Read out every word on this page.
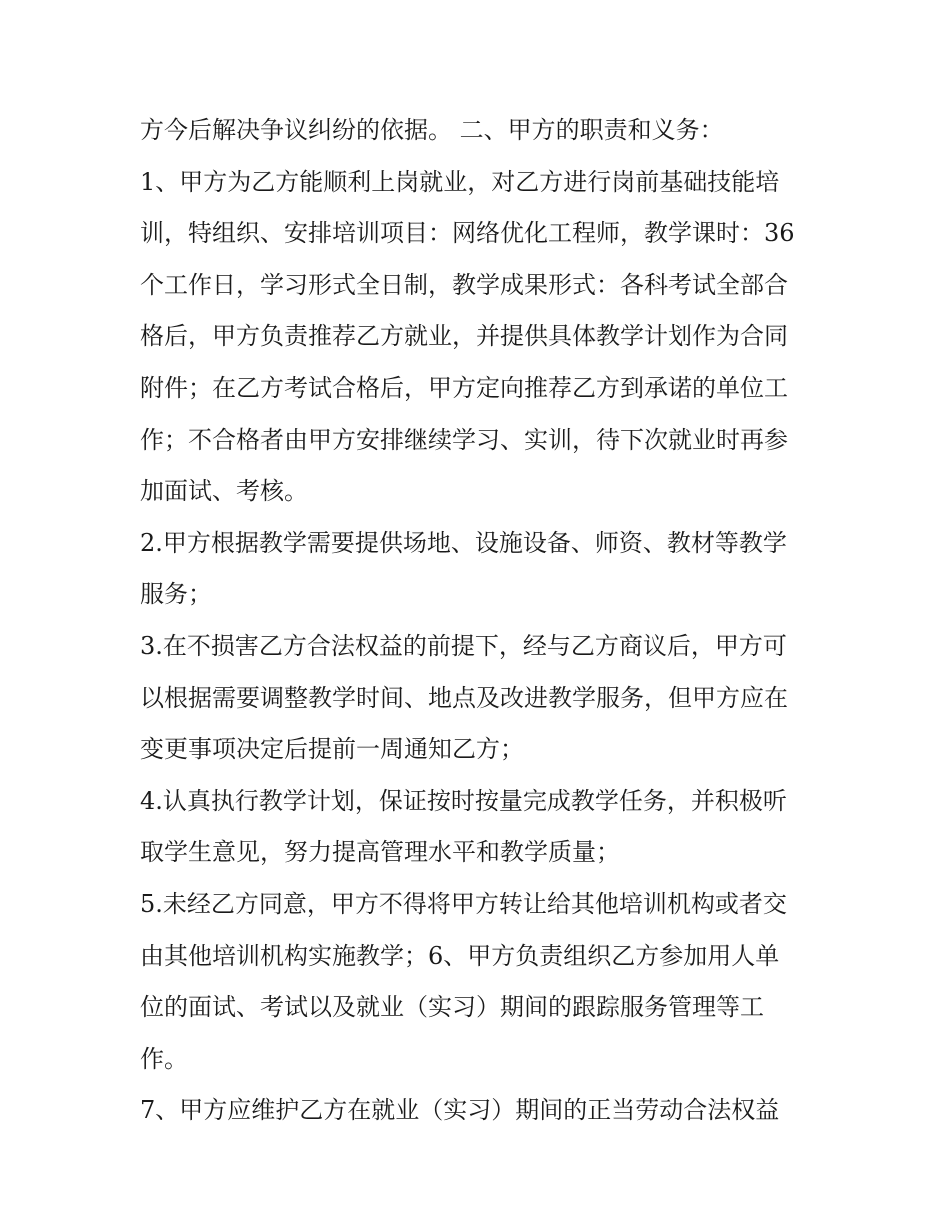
方今后解决争议纠纷的依据。 二、甲方的职责和义务：
1、甲方为乙方能顺利上岗就业，对乙方进行岗前基础技能培
训，特组织、安排培训项目：网络优化工程师，教学课时：36
个工作日，学习形式全日制，教学成果形式：各科考试全部合
格后，甲方负责推荐乙方就业，并提供具体教学计划作为合同
附件；在乙方考试合格后，甲方定向推荐乙方到承诺的单位工
作；不合格者由甲方安排继续学习、实训，待下次就业时再参
加面试、考核。
2.甲方根据教学需要提供场地、设施设备、师资、教材等教学
服务；
3.在不损害乙方合法权益的前提下，经与乙方商议后，甲方可
以根据需要调整教学时间、地点及改进教学服务，但甲方应在
变更事项决定后提前一周通知乙方；
4.认真执行教学计划，保证按时按量完成教学任务，并积极听
取学生意见，努力提高管理水平和教学质量；
5.未经乙方同意，甲方不得将甲方转让给其他培训机构或者交
由其他培训机构实施教学；6、甲方负责组织乙方参加用人单
位的面试、考试以及就业（实习）期间的跟踪服务管理等工
作。
7、甲方应维护乙方在就业（实习）期间的正当劳动合法权益
